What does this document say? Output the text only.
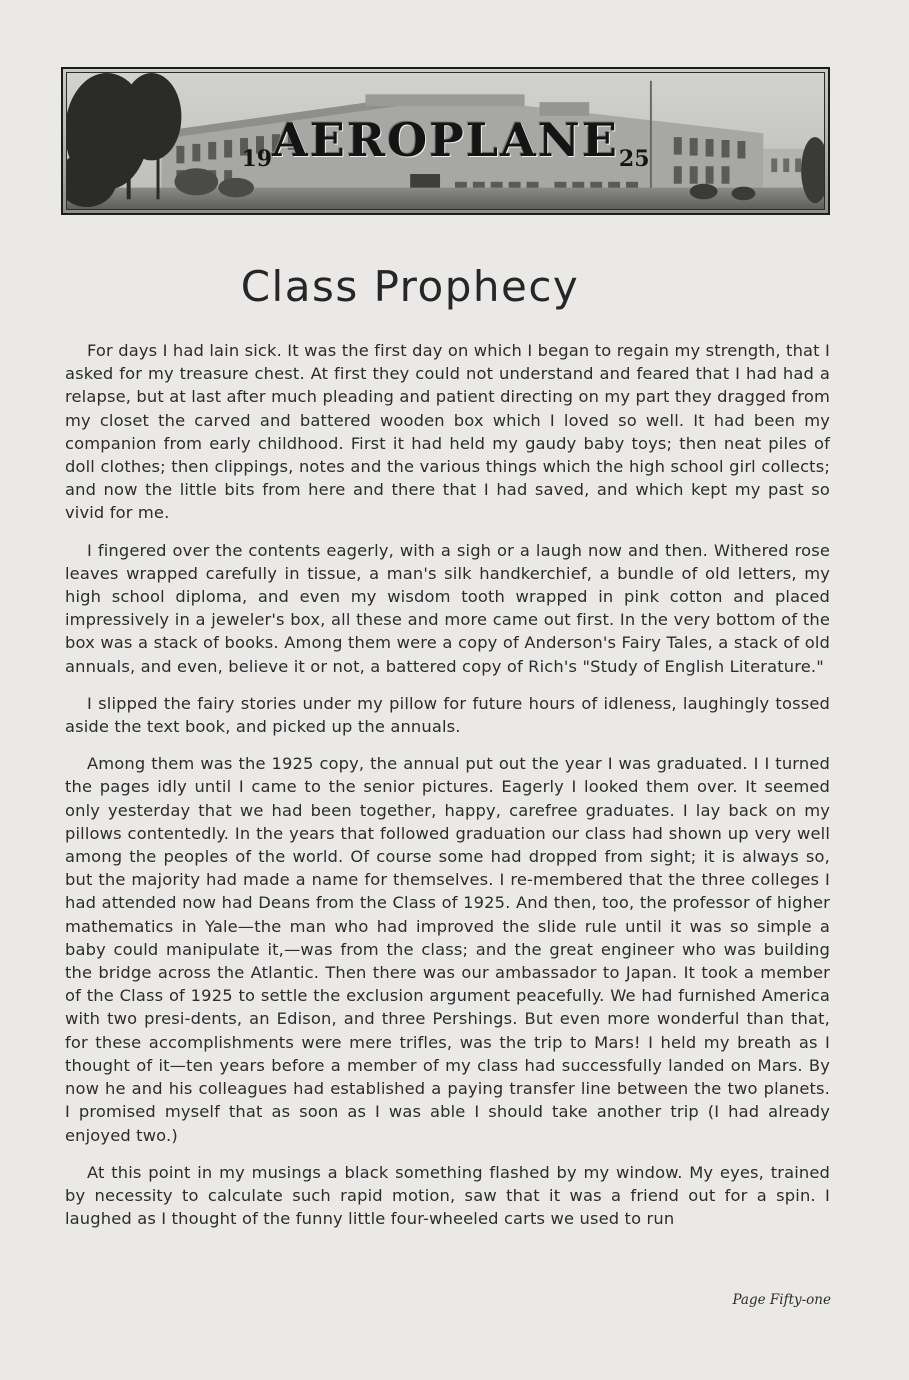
19AEROPLANE25
Class Prophecy

For days I had lain sick. It was the first day on which I began to regain my strength, that I asked for my treasure chest. At first they could not understand and feared that I had had a relapse, but at last after much pleading and patient directing on my part they dragged from my closet the carved and battered wooden box which I loved so well. It had been my companion from early childhood. First it had held my gaudy baby toys; then neat piles of doll clothes; then clippings, notes and the various things which the high school girl collects; and now the little bits from here and there that I had saved, and which kept my past so vivid for me.

I fingered over the contents eagerly, with a sigh or a laugh now and then. Withered rose leaves wrapped carefully in tissue, a man's silk handkerchief, a bundle of old letters, my high school diploma, and even my wisdom tooth wrapped in pink cotton and placed impressively in a jeweler's box, all these and more came out first. In the very bottom of the box was a stack of books. Among them were a copy of Anderson's Fairy Tales, a stack of old annuals, and even, believe it or not, a battered copy of Rich's "Study of English Literature."

I slipped the fairy stories under my pillow for future hours of idleness, laughingly tossed aside the text book, and picked up the annuals.

Among them was the 1925 copy, the annual put out the year I was graduated. I I turned the pages idly until I came to the senior pictures. Eagerly I looked them over. It seemed only yesterday that we had been together, happy, carefree graduates. I lay back on my pillows contentedly. In the years that followed graduation our class had shown up very well among the peoples of the world. Of course some had dropped from sight; it is always so, but the majority had made a name for themselves. I re-membered that the three colleges I had attended now had Deans from the Class of 1925. And then, too, the professor of higher mathematics in Yale—the man who had improved the slide rule until it was so simple a baby could manipulate it,—was from the class; and the great engineer who was building the bridge across the Atlantic. Then there was our ambassador to Japan. It took a member of the Class of 1925 to settle the exclusion argument peacefully. We had furnished America with two presi-dents, an Edison, and three Pershings. But even more wonderful than that, for these accomplishments were mere trifles, was the trip to Mars! I held my breath as I thought of it—ten years before a member of my class had successfully landed on Mars. By now he and his colleagues had established a paying transfer line between the two planets. I promised myself that as soon as I was able I should take another trip (I had already enjoyed two.)

At this point in my musings a black something flashed by my window. My eyes, trained by necessity to calculate such rapid motion, saw that it was a friend out for a spin. I laughed as I thought of the funny little four-wheeled carts we used to run

Page Fifty-one
